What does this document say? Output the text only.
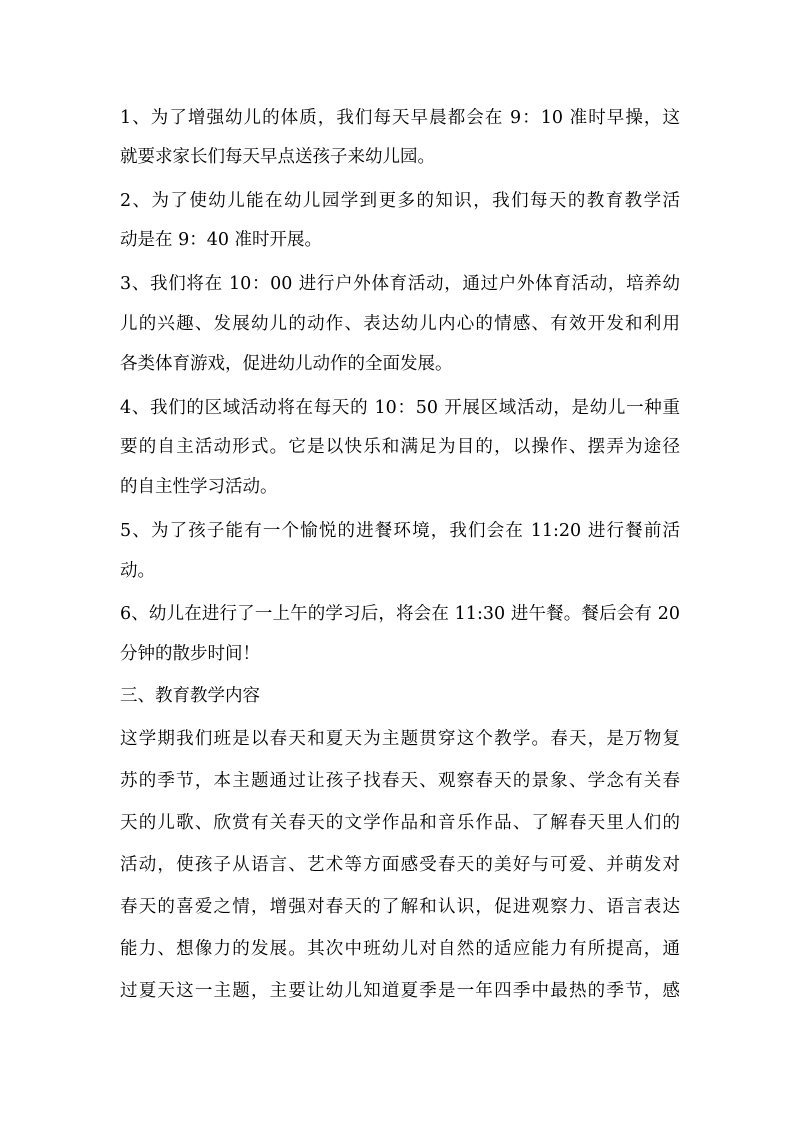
1、为了增强幼儿的体质，我们每天早晨都会在 9：10 准时早操，这
就要求家长们每天早点送孩子来幼儿园。
2、为了使幼儿能在幼儿园学到更多的知识，我们每天的教育教学活
动是在 9：40 准时开展。
3、我们将在 10：00 进行户外体育活动，通过户外体育活动，培养幼
儿的兴趣、发展幼儿的动作、表达幼儿内心的情感、有效开发和利用
各类体育游戏，促进幼儿动作的全面发展。
4、我们的区域活动将在每天的 10：50 开展区域活动，是幼儿一种重
要的自主活动形式。它是以快乐和满足为目的，以操作、摆弄为途径
的自主性学习活动。
5、为了孩子能有一个愉悦的进餐环境，我们会在 11:20 进行餐前活
动。
6、幼儿在进行了一上午的学习后，将会在 11:30 进午餐。餐后会有 20
分钟的散步时间！
三、教育教学内容
这学期我们班是以春天和夏天为主题贯穿这个教学。春天，是万物复
苏的季节，本主题通过让孩子找春天、观察春天的景象、学念有关春
天的儿歌、欣赏有关春天的文学作品和音乐作品、了解春天里人们的
活动，使孩子从语言、艺术等方面感受春天的美好与可爱、并萌发对
春天的喜爱之情，增强对春天的了解和认识，促进观察力、语言表达
能力、想像力的发展。其次中班幼儿对自然的适应能力有所提高，通
过夏天这一主题，主要让幼儿知道夏季是一年四季中最热的季节，感
